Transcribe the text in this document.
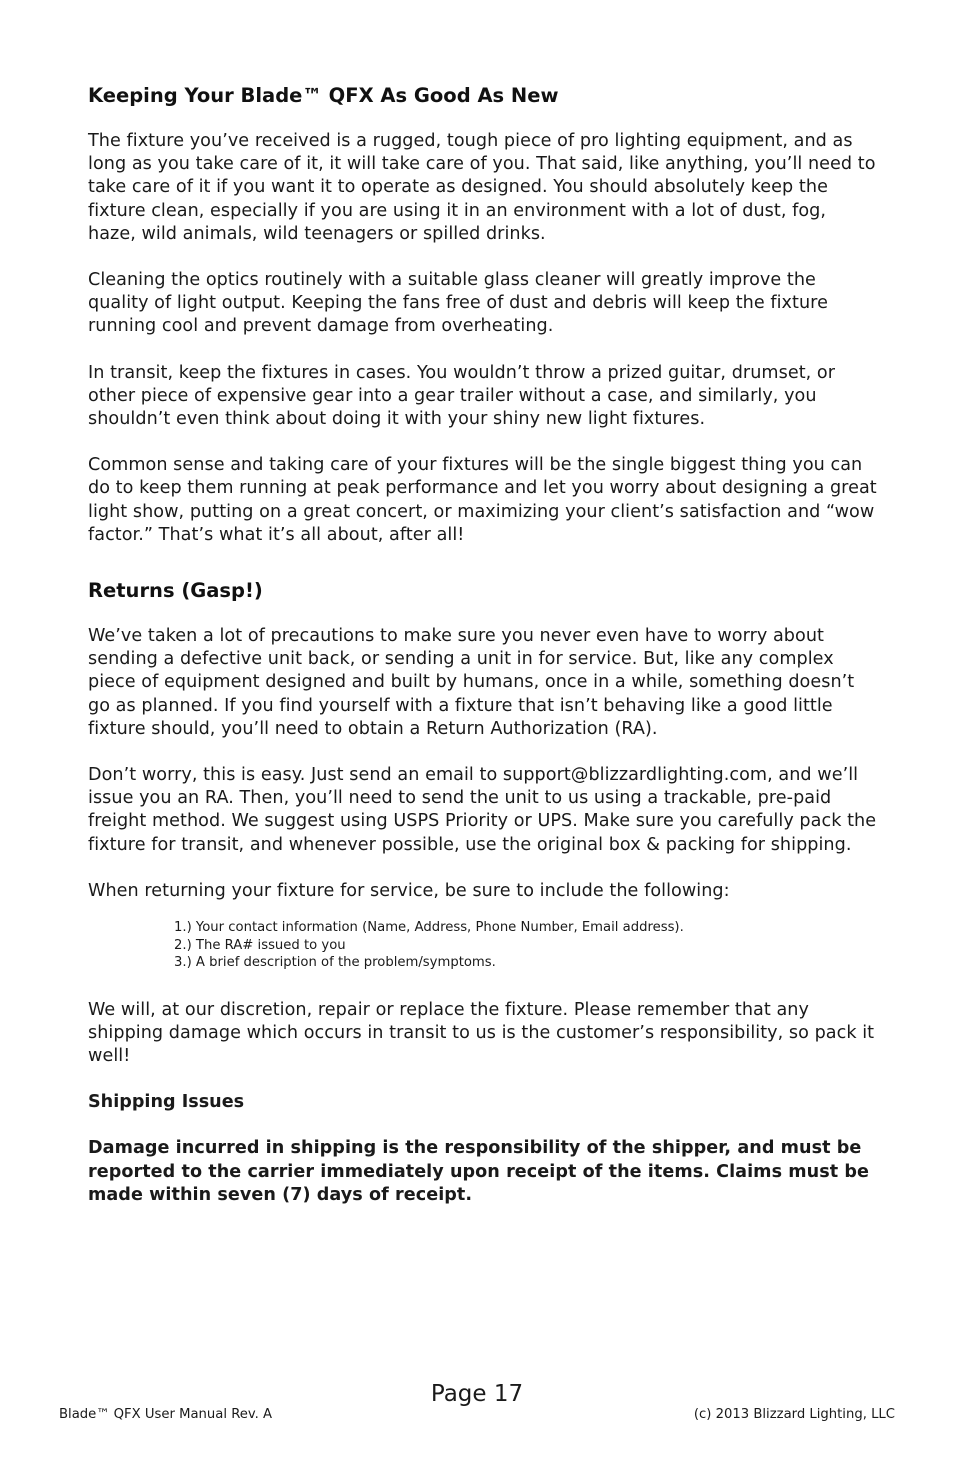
Keeping Your Blade™ QFX As Good As New

The fixture you’ve received is a rugged, tough piece of pro lighting equipment, and as long as you take care of it, it will take care of you. That said, like anything, you’ll need to take care of it if you want it to operate as designed. You should absolutely keep the fixture clean, especially if you are using it in an environment with a lot of dust, fog, haze, wild animals, wild teenagers or spilled drinks.

Cleaning the optics routinely with a suitable glass cleaner will greatly improve the quality of light output. Keeping the fans free of dust and debris will keep the fixture running cool and prevent damage from overheating.

In transit, keep the fixtures in cases. You wouldn’t throw a prized guitar, drumset, or other piece of expensive gear into a gear trailer without a case, and similarly, you shouldn’t even think about doing it with your shiny new light fixtures.

Common sense and taking care of your fixtures will be the single biggest thing you can do to keep them running at peak performance and let you worry about designing a great light show, putting on a great concert, or maximizing your client’s satisfaction and “wow factor.” That’s what it’s all about, after all!

Returns (Gasp!)

We’ve taken a lot of precautions to make sure you never even have to worry about sending a defective unit back, or sending a unit in for service. But, like any complex piece of equipment designed and built by humans, once in a while, something doesn’t go as planned. If you find yourself with a fixture that isn’t behaving like a good little fixture should, you’ll need to obtain a Return Authorization (RA).

Don’t worry, this is easy. Just send an email to support@blizzardlighting.com, and we’ll issue you an RA. Then, you’ll need to send the unit to us using a trackable, pre-paid freight method. We suggest using USPS Priority or UPS. Make sure you carefully pack the fixture for transit, and whenever possible, use the original box & packing for shipping.

When returning your fixture for service, be sure to include the following:

1.) Your contact information (Name, Address, Phone Number, Email address).
2.) The RA# issued to you
3.) A brief description of the problem/symptoms.

We will, at our discretion, repair or replace the fixture. Please remember that any shipping damage which occurs in transit to us is the customer’s responsibility, so pack it well!

Shipping Issues

Damage incurred in shipping is the responsibility of the shipper, and must be reported to the carrier immediately upon receipt of the items. Claims must be made within seven (7) days of receipt.

Page 17
Blade™ QFX User Manual Rev. A	(c) 2013 Blizzard Lighting, LLC
